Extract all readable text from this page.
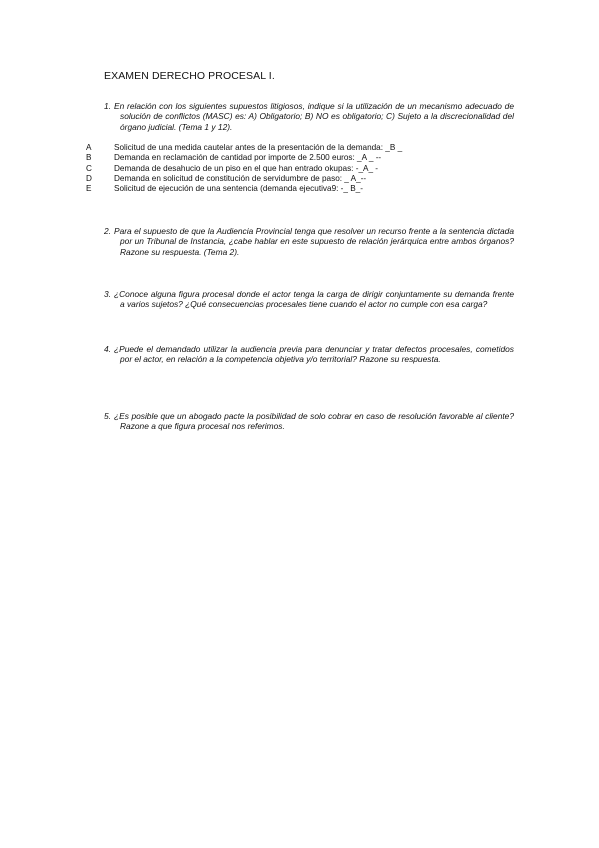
EXAMEN DERECHO PROCESAL I.
1. En relación con los siguientes supuestos litigiosos, indique si la utilización de un mecanismo adecuado de solución de conflictos (MASC) es: A) Obligatorio; B) NO es obligatorio; C) Sujeto a la discrecionalidad del órgano judicial. (Tema 1 y 12).
A	Solicitud de una medida cautelar antes de la presentación de la demanda: _B _
B	Demanda en reclamación de cantidad por importe de 2.500 euros: _A _ --
C	Demanda de desahucio de un piso en el que han entrado okupas: -_A_ -
D	Demanda en solicitud de constitución de servidumbre de paso: _ A_--
E	Solicitud de ejecución de una sentencia (demanda ejecutiva9: -_ B_-
2. Para el supuesto de que la Audiencia Provincial tenga que resolver un recurso frente a la sentencia dictada por un Tribunal de Instancia, ¿cabe hablar en este supuesto de relación jerárquica entre ambos órganos? Razone su respuesta. (Tema 2).
3. ¿Conoce alguna figura procesal donde el actor tenga la carga de dirigir conjuntamente su demanda frente a varios sujetos? ¿Qué consecuencias procesales tiene cuando el actor no cumple con esa carga?
4. ¿Puede el demandado utilizar la audiencia previa para denunciar y tratar defectos procesales, cometidos por el actor, en relación a la competencia objetiva y/o territorial? Razone su respuesta.
5. ¿Es posible que un abogado pacte la posibilidad de solo cobrar en caso de resolución favorable al cliente? Razone a que figura procesal nos referimos.
